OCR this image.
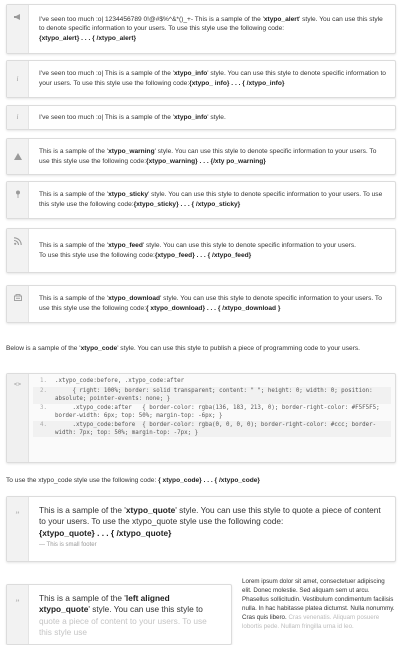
I've seen too much :o| 1234456789 0!@#$%^&*()_+- This is a sample of the 'xtypo_alert' style. You can use this style to denote specific information to your users. To use this style use the following code:
{xtypo_alert} . . . { /xtypo_alert}
i
I've seen too much :o| This is a sample of the 'xtypo_info' style. You can use this style to denote specific information to your users. To use this style use the following code:{xtypo_ info} . . . { /xtypo_info}
i	I've seen too much :o| This is a sample of the 'xtypo_info' style.
This is a sample of the 'xtypo_warning' style. You can use this style to denote specific information to your users. To use this style use the following code:{xtypo_warning} . . . {/xty po_warning}
This is a sample of the 'xtypo_sticky' style. You can use this style to denote specific information to your users. To use this style use the following code:{xtypo_sticky} . . . { /xtypo_sticky}
This is a sample of the 'xtypo_feed' style. You can use this style to denote specific information to your users.
To use this style use the following code:{xtypo_feed} . . . { /xtypo_feed}
This is a sample of the 'xtypo_download' style. You can use this style to denote specific information to your users. To use this style use the following code:{ xtypo_download} . . . { /xtypo_download }
Below is a sample of the 'xtypo_code' style. You can use this style to publish a piece of programming code to your users.
<>	1. .xtypo_code:before, .xtypo_code:after
2. { right: 100%; border: solid transparent; content: " "; height: 0; width: 0; position: absolute; pointer-events: none; }
3. .xtypo_code:after   { border-color: rgba(136, 183, 213, 0); border-right-color: #F5F5F5; border-width: 6px; top: 50%; margin-top: -6px; }
4. .xtypo_code:before  { border-color: rgba(0, 0, 0, 0); border-right-color: #ccc; border-width: 7px; top: 50%; margin-top: -7px; }
To use the xtypo_code style use the following code: { xtypo_code} . . . { /xtypo_code}
”	This is a sample of the 'xtypo_quote' style. You can use this style to quote a piece of content to your users. To use the xtypo_quote style use the following code:
{xtypo_quote} . . . { /xtypo_quote}
— This is small footer
”	This is a sample of the 'left aligned xtypo_quote' style. You can use this style to quote a piece of content to your users. To use this style use
Lorem ipsum dolor sit amet, consectetuer adipiscing elit. Donec molestie. Sed aliquam sem ut arcu. Phasellus sollicitudin. Vestibulum condimentum facilisis nulla. In hac habitasse platea dictumst. Nulla nonummy. Cras quis libero. Cras venenatis. Aliquam posuere lobortis pede. Nullam fringilla urna id leo.
